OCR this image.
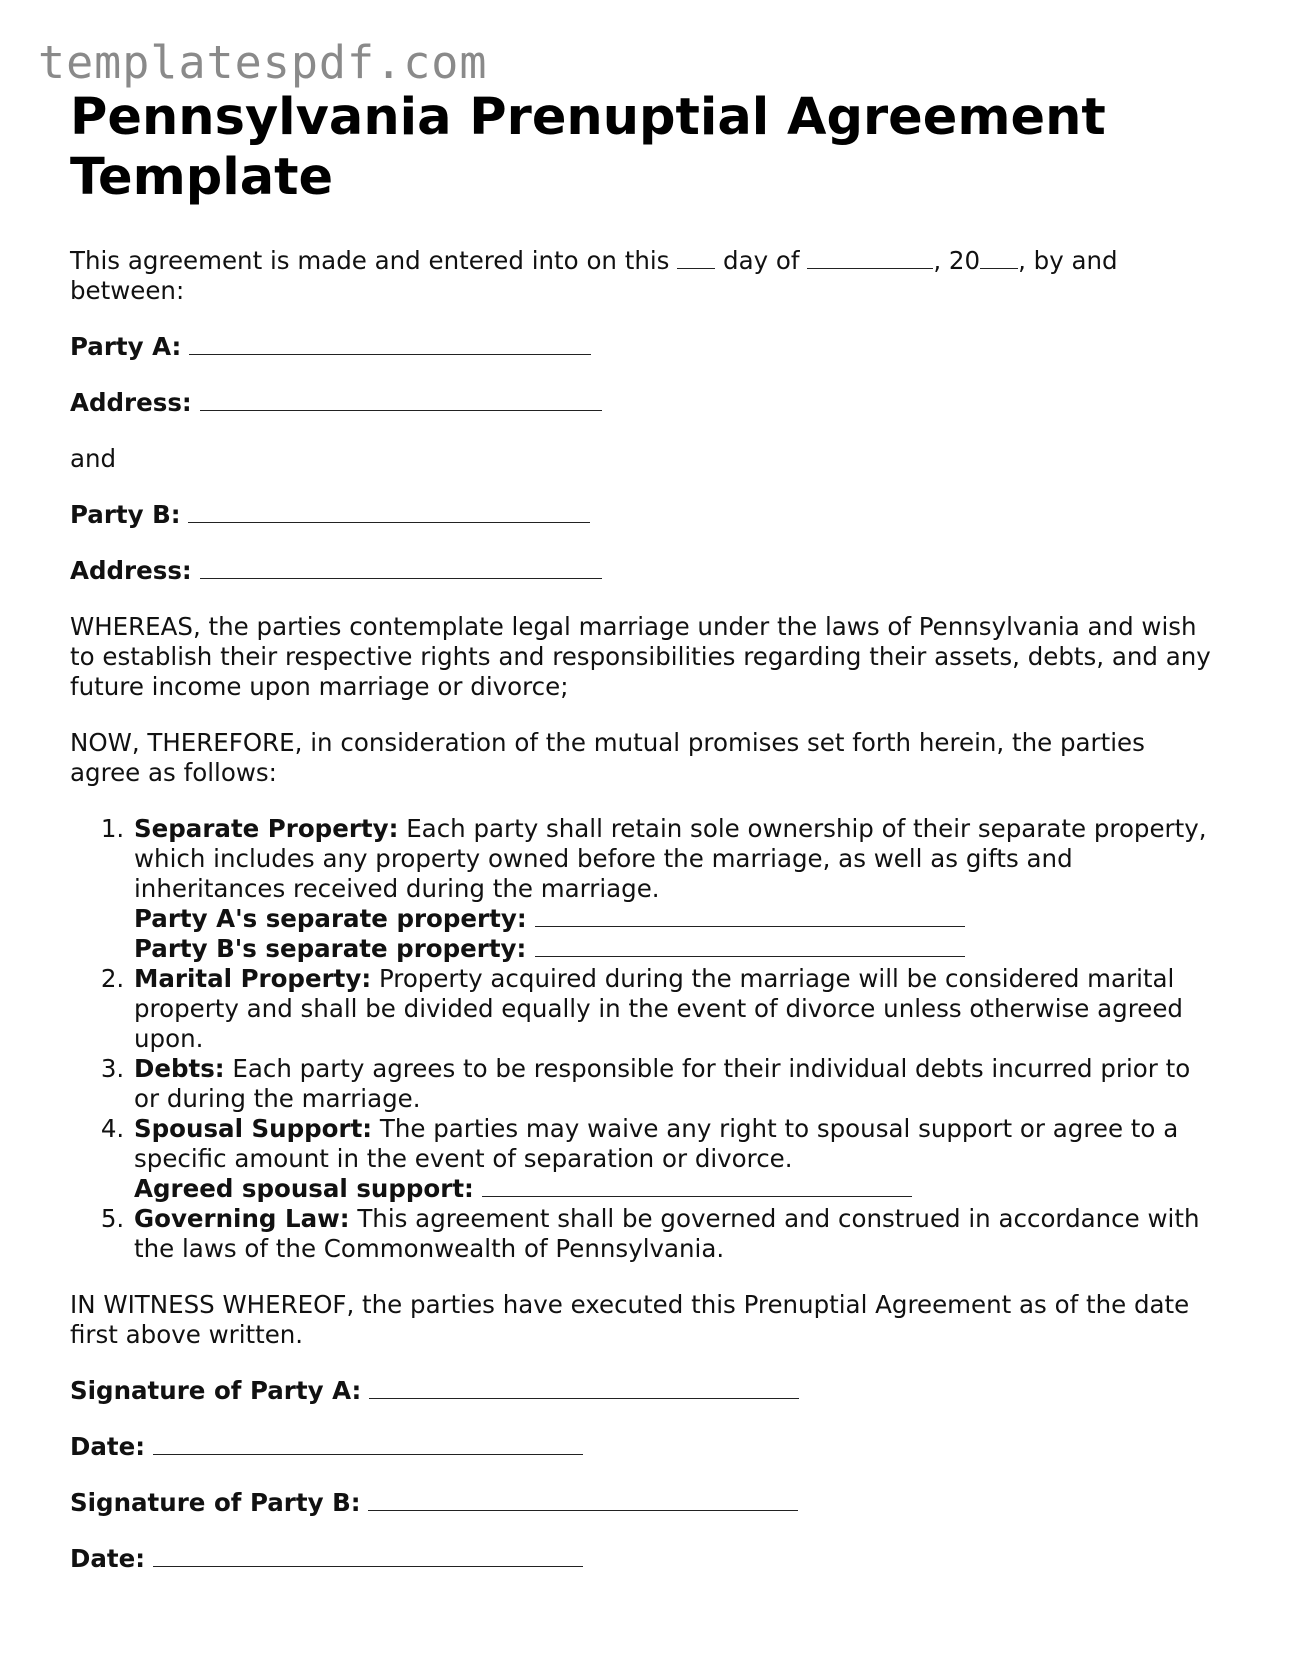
templatespdf.com
Pennsylvania Prenuptial Agreement Template

This agreement is made and entered into on this day of	, 20 , by and between:

Party A:

Address:

and

Party B:

Address:

WHEREAS, the parties contemplate legal marriage under the laws of Pennsylvania and wish to establish their respective rights and responsibilities regarding their assets, debts, and any future income upon marriage or divorce;

NOW, THEREFORE, in consideration of the mutual promises set forth herein, the parties agree as follows:

1. Separate Property: Each party shall retain sole ownership of their separate property, which includes any property owned before the marriage, as well as gifts and inheritances received during the marriage.
Party A's separate property:
Party B's separate property:
2. Marital Property: Property acquired during the marriage will be considered marital property and shall be divided equally in the event of divorce unless otherwise agreed upon.
3. Debts: Each party agrees to be responsible for their individual debts incurred prior to or during the marriage.
4. Spousal Support: The parties may waive any right to spousal support or agree to a specific amount in the event of separation or divorce.
Agreed spousal support:
5. Governing Law: This agreement shall be governed and construed in accordance with the laws of the Commonwealth of Pennsylvania.

IN WITNESS WHEREOF, the parties have executed this Prenuptial Agreement as of the date first above written.

Signature of Party A:

Date:

Signature of Party B:

Date:
